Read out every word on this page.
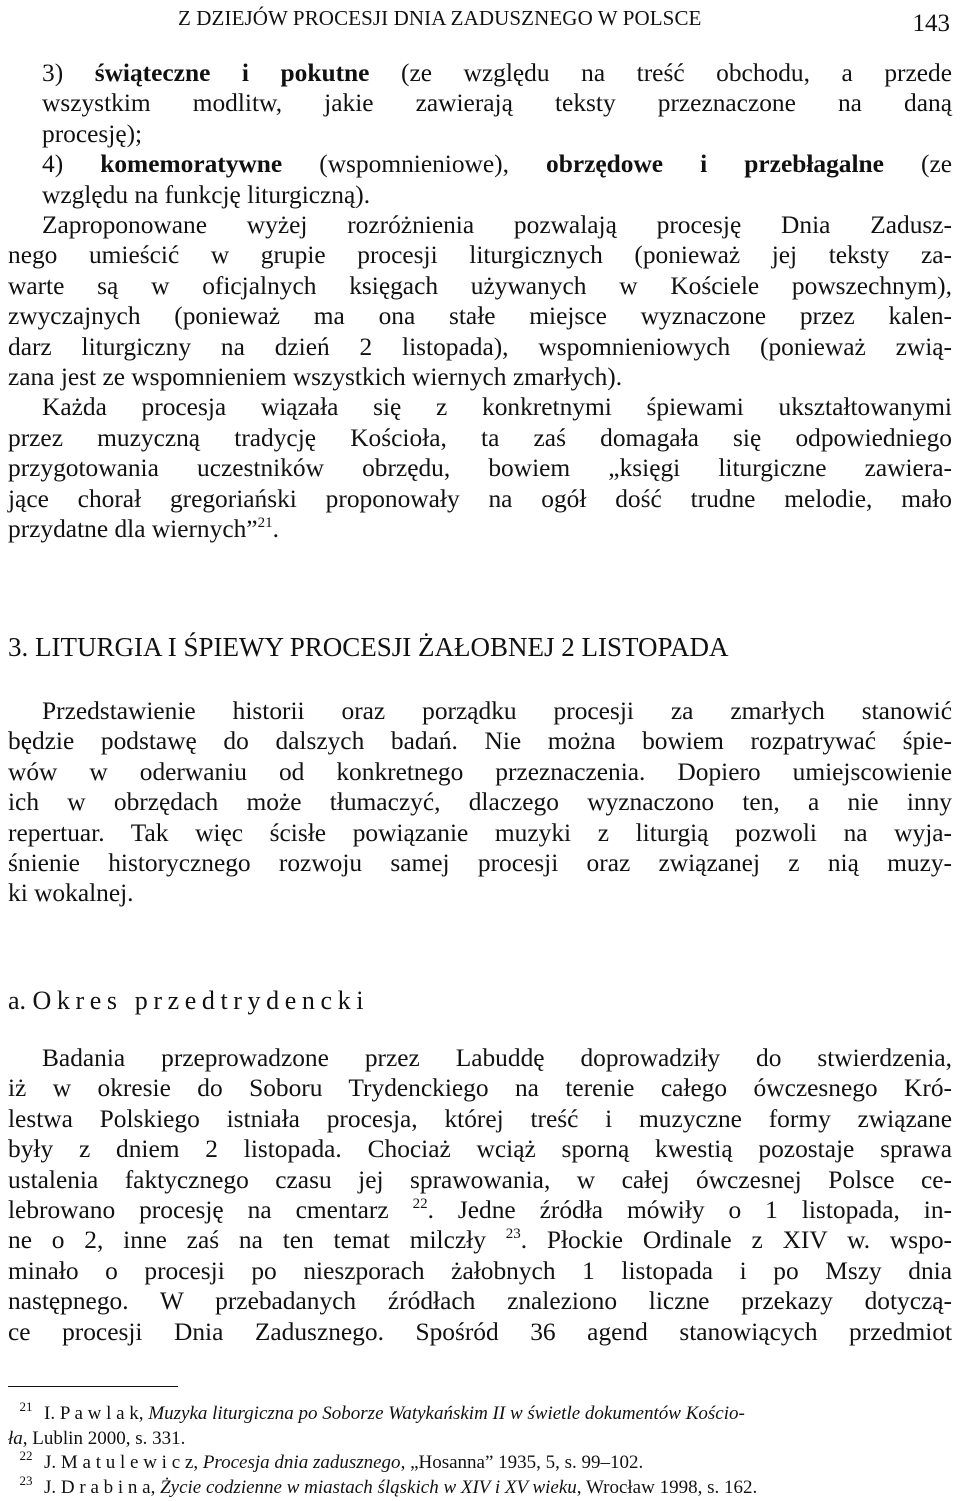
Z DZIEJÓW PROCESJI DNIA ZADUSZNEGO W POLSCE	143
3) świąteczne i pokutne (ze względu na treść obchodu, a przede
wszystkim modlitw, jakie zawierają teksty przeznaczone na daną
procesję);
4) komemoratywne (wspomnieniowe), obrzędowe i przebłagalne (ze
względu na funkcję liturgiczną).
Zaproponowane wyżej rozróżnienia pozwalają procesję Dnia Zadusz-
nego umieścić w grupie procesji liturgicznych (ponieważ jej teksty za-
warte są w oficjalnych księgach używanych w Kościele powszechnym),
zwyczajnych (ponieważ ma ona stałe miejsce wyznaczone przez kalen-
darz liturgiczny na dzień 2 listopada), wspomnieniowych (ponieważ zwią-
zana jest ze wspomnieniem wszystkich wiernych zmarłych).
Każda procesja wiązała się z konkretnymi śpiewami ukształtowanymi
przez muzyczną tradycję Kościoła, ta zaś domagała się odpowiedniego
przygotowania uczestników obrzędu, bowiem „księgi liturgiczne zawiera-
jące chorał gregoriański proponowały na ogół dość trudne melodie, mało
przydatne dla wiernych”$^{21}$.
3. LITURGIA I ŚPIEWY PROCESJI ŻAŁOBNEJ 2 LISTOPADA
Przedstawienie historii oraz porządku procesji za zmarłych stanowić
będzie podstawę do dalszych badań. Nie można bowiem rozpatrywać śpie-
wów w oderwaniu od konkretnego przeznaczenia. Dopiero umiejscowienie
ich w obrzędach może tłumaczyć, dlaczego wyznaczono ten, a nie inny
repertuar. Tak więc ścisłe powiązanie muzyki z liturgią pozwoli na wyja-
śnienie historycznego rozwoju samej procesji oraz związanej z nią muzy-
ki wokalnej.
a. Okres przedtrydencki
Badania przeprowadzone przez Labuddę doprowadziły do stwierdzenia,
iż w okresie do Soboru Trydenckiego na terenie całego ówczesnego Kró-
lestwa Polskiego istniała procesja, której treść i muzyczne formy związane
były z dniem 2 listopada. Chociaż wciąż sporną kwestią pozostaje sprawa
ustalenia faktycznego czasu jej sprawowania, w całej ówczesnej Polsce ce-
lebrowano procesję na cmentarz $^{22}$. Jedne źródła mówiły o 1 listopada, in-
ne o 2, inne zaś na ten temat milczły $^{23}$. Płockie Ordinale z XIV w. wspo-
minało o procesji po nieszporach żałobnych 1 listopada i po Mszy dnia
następnego. W przebadanych źródłach znaleziono liczne przekazy dotyczą-
ce procesji Dnia Zadusznego. Spośród 36 agend stanowiących przedmiot
21 I. P a w l a k, Muzyka liturgiczna po Soborze Watykańskim II w świetle dokumentów Kościo-
ła, Lublin 2000, s. 331.
22 J. M a t u l e w i c z, Procesja dnia zadusznego, „Hosanna” 1935, 5, s. 99–102.
23 J. D r a b i n a, Życie codzienne w miastach śląskich w XIV i XV wieku, Wrocław 1998, s. 162.
